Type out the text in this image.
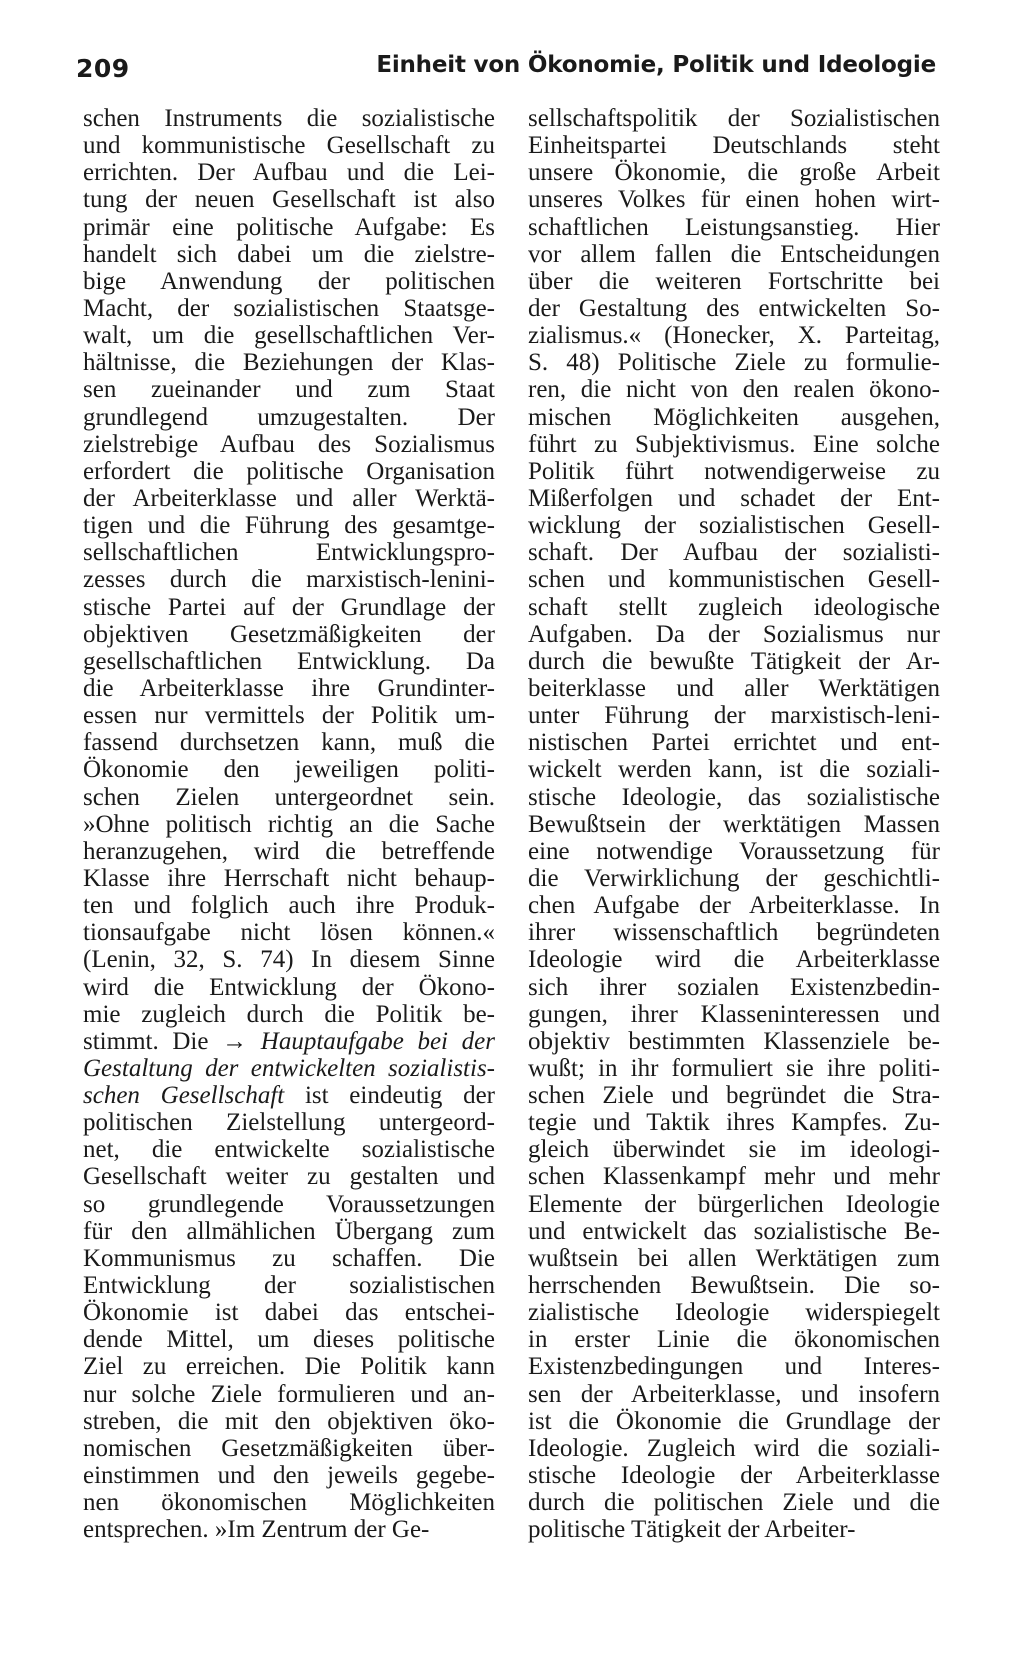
209	Einheit von Ökonomie, Politik und Ideologie
schen Instruments die sozialistische
und kommunistische Gesellschaft zu
errichten. Der Aufbau und die Lei-
tung der neuen Gesellschaft ist also
primär eine politische Aufgabe: Es
handelt sich dabei um die zielstre-
bige Anwendung der politischen
Macht, der sozialistischen Staatsge-
walt, um die gesellschaftlichen Ver-
hältnisse, die Beziehungen der Klas-
sen zueinander und zum Staat
grundlegend umzugestalten. Der
zielstrebige Aufbau des Sozialismus
erfordert die politische Organisation
der Arbeiterklasse und aller Werktä-
tigen und die Führung des gesamtge-
sellschaftlichen Entwicklungspro-
zesses durch die marxistisch-lenini-
stische Partei auf der Grundlage der
objektiven Gesetzmäßigkeiten der
gesellschaftlichen Entwicklung. Da
die Arbeiterklasse ihre Grundinter-
essen nur vermittels der Politik um-
fassend durchsetzen kann, muß die
Ökonomie den jeweiligen politi-
schen Zielen untergeordnet sein.
»Ohne politisch richtig an die Sache
heranzugehen, wird die betreffende
Klasse ihre Herrschaft nicht behaup-
ten und folglich auch ihre Produk-
tionsaufgabe nicht lösen können.«
(Lenin, 32, S. 74) In diesem Sinne
wird die Entwicklung der Ökono-
mie zugleich durch die Politik be-
stimmt. Die → Hauptaufgabe bei der
Gestaltung der entwickelten sozialistis-
schen Gesellschaft ist eindeutig der
politischen Zielstellung untergeord-
net, die entwickelte sozialistische
Gesellschaft weiter zu gestalten und
so grundlegende Voraussetzungen
für den allmählichen Übergang zum
Kommunismus zu schaffen. Die
Entwicklung der sozialistischen
Ökonomie ist dabei das entschei-
dende Mittel, um dieses politische
Ziel zu erreichen. Die Politik kann
nur solche Ziele formulieren und an-
streben, die mit den objektiven öko-
nomischen Gesetzmäßigkeiten über-
einstimmen und den jeweils gegebe-
nen ökonomischen Möglichkeiten
entsprechen. »Im Zentrum der Ge-
sellschaftspolitik der Sozialistischen
Einheitspartei Deutschlands steht
unsere Ökonomie, die große Arbeit
unseres Volkes für einen hohen wirt-
schaftlichen Leistungsanstieg. Hier
vor allem fallen die Entscheidungen
über die weiteren Fortschritte bei
der Gestaltung des entwickelten So-
zialismus.« (Honecker, X. Parteitag,
S. 48) Politische Ziele zu formulie-
ren, die nicht von den realen ökono-
mischen Möglichkeiten ausgehen,
führt zu Subjektivismus. Eine solche
Politik führt notwendigerweise zu
Mißerfolgen und schadet der Ent-
wicklung der sozialistischen Gesell-
schaft. Der Aufbau der sozialisti-
schen und kommunistischen Gesell-
schaft stellt zugleich ideologische
Aufgaben. Da der Sozialismus nur
durch die bewußte Tätigkeit der Ar-
beiterklasse und aller Werktätigen
unter Führung der marxistisch-leni-
nistischen Partei errichtet und ent-
wickelt werden kann, ist die soziali-
stische Ideologie, das sozialistische
Bewußtsein der werktätigen Massen
eine notwendige Voraussetzung für
die Verwirklichung der geschichtli-
chen Aufgabe der Arbeiterklasse. In
ihrer wissenschaftlich begründeten
Ideologie wird die Arbeiterklasse
sich ihrer sozialen Existenzbedin-
gungen, ihrer Klasseninteressen und
objektiv bestimmten Klassenziele be-
wußt; in ihr formuliert sie ihre politi-
schen Ziele und begründet die Stra-
tegie und Taktik ihres Kampfes. Zu-
gleich überwindet sie im ideologi-
schen Klassenkampf mehr und mehr
Elemente der bürgerlichen Ideologie
und entwickelt das sozialistische Be-
wußtsein bei allen Werktätigen zum
herrschenden Bewußtsein. Die so-
zialistische Ideologie widerspiegelt
in erster Linie die ökonomischen
Existenzbedingungen und Interes-
sen der Arbeiterklasse, und insofern
ist die Ökonomie die Grundlage der
Ideologie. Zugleich wird die soziali-
stische Ideologie der Arbeiterklasse
durch die politischen Ziele und die
politische Tätigkeit der Arbeiter-
